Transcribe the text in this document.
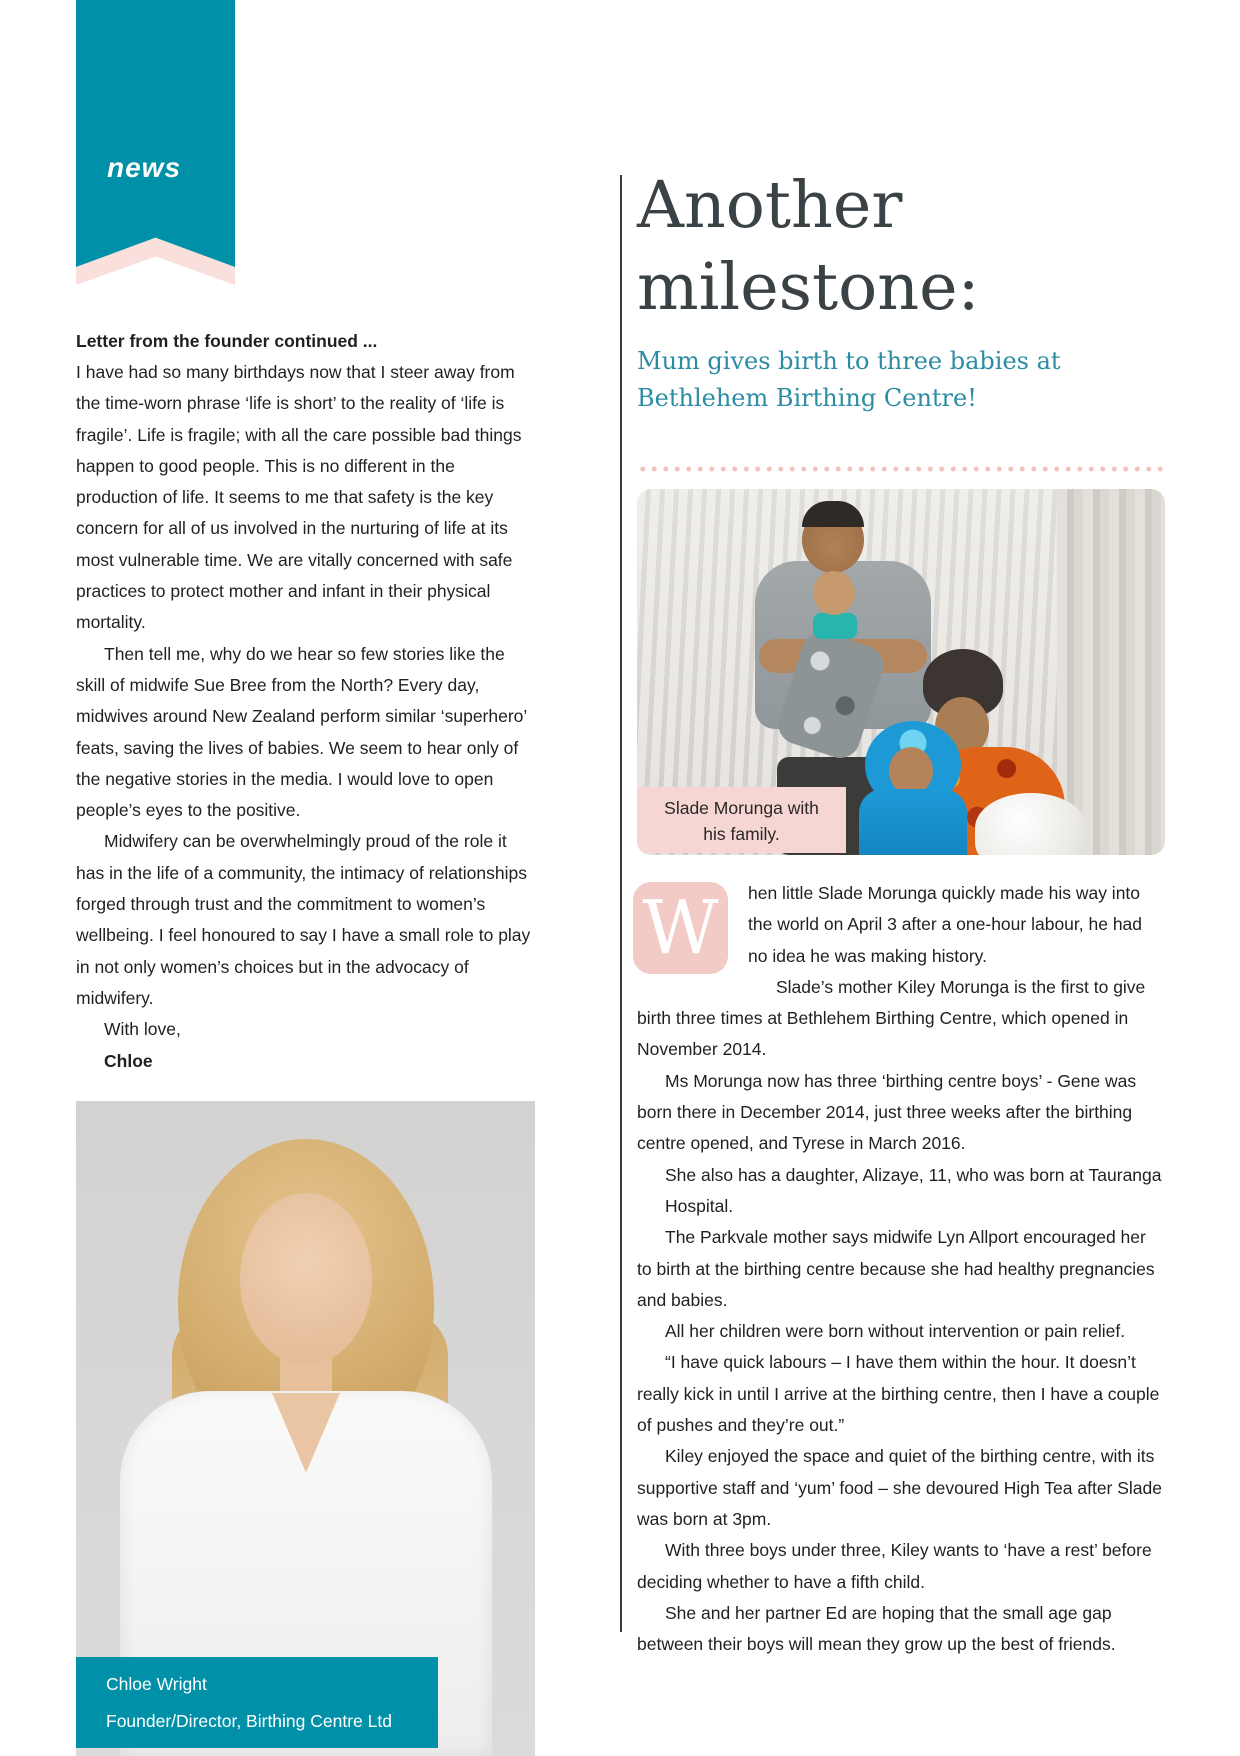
news
Letter from the founder continued ...

I have had so many birthdays now that I steer away from the time-worn phrase ‘life is short’ to the reality of ‘life is fragile’. Life is fragile; with all the care possible bad things happen to good people. This is no different in the production of life. It seems to me that safety is the key concern for all of us involved in the nurturing of life at its most vulnerable time. We are vitally concerned with safe practices to protect mother and infant in their physical mortality.

Then tell me, why do we hear so few stories like the skill of midwife Sue Bree from the North? Every day, midwives around New Zealand perform similar ‘superhero’ feats, saving the lives of babies. We seem to hear only of the negative stories in the media. I would love to open people’s eyes to the positive.

Midwifery can be overwhelmingly proud of the role it has in the life of a community, the intimacy of relationships forged through trust and the commitment to women’s wellbeing. I feel honoured to say I have a small role to play in not only women’s choices but in the advocacy of midwifery.

With love,

Chloe

Chloe Wright
Founder/Director, Birthing Centre Ltd
Another milestone:
Mum gives birth to three babies at Bethlehem Birthing Centre!
Slade Morunga with his family.
W	hen little Slade Morunga quickly made his way into the world on April 3 after a one-hour labour, he had no idea he was making history.

Slade’s mother Kiley Morunga is the first to give birth three times at Bethlehem Birthing Centre, which opened in November 2014.

Ms Morunga now has three ‘birthing centre boys’ - Gene was born there in December 2014, just three weeks after the birthing centre opened, and Tyrese in March 2016.

She also has a daughter, Alizaye, 11, who was born at Tauranga Hospital.

The Parkvale mother says midwife Lyn Allport encouraged her to birth at the birthing centre because she had healthy pregnancies and babies.

All her children were born without intervention or pain relief.

“I have quick labours – I have them within the hour. It doesn’t really kick in until I arrive at the birthing centre, then I have a couple of pushes and they’re out.”

Kiley enjoyed the space and quiet of the birthing centre, with its supportive staff and ‘yum’ food – she devoured High Tea after Slade was born at 3pm.

With three boys under three, Kiley wants to ‘have a rest’ before deciding whether to have a fifth child.

She and her partner Ed are hoping that the small age gap between their boys will mean they grow up the best of friends.
